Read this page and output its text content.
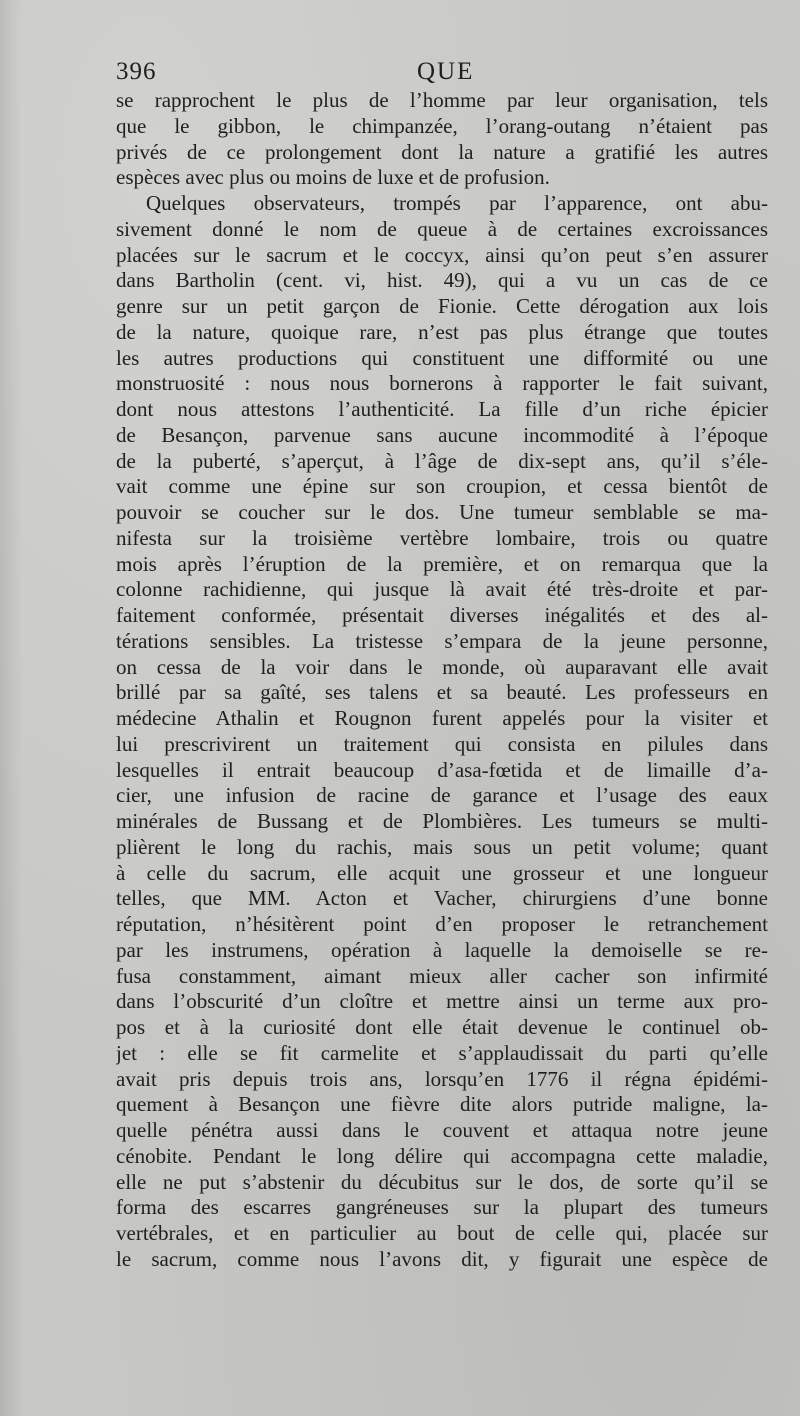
396	QUE
se rapprochent le plus de l’homme par leur organisation, tels
que le gibbon, le chimpanzée, l’orang-outang n’étaient pas
privés de ce prolongement dont la nature a gratifié les autres
espèces avec plus ou moins de luxe et de profusion.
Quelques observateurs, trompés par l’apparence, ont abu-
sivement donné le nom de queue à de certaines excroissances
placées sur le sacrum et le coccyx, ainsi qu’on peut s’en assurer
dans Bartholin (cent. vi, hist. 49), qui a vu un cas de ce
genre sur un petit garçon de Fionie. Cette dérogation aux lois
de la nature, quoique rare, n’est pas plus étrange que toutes
les autres productions qui constituent une difformité ou une
monstruosité : nous nous bornerons à rapporter le fait suivant,
dont nous attestons l’authenticité. La fille d’un riche épicier
de Besançon, parvenue sans aucune incommodité à l’époque
de la puberté, s’aperçut, à l’âge de dix-sept ans, qu’il s’éle-
vait comme une épine sur son croupion, et cessa bientôt de
pouvoir se coucher sur le dos. Une tumeur semblable se ma-
nifesta sur la troisième vertèbre lombaire, trois ou quatre
mois après l’éruption de la première, et on remarqua que la
colonne rachidienne, qui jusque là avait été très-droite et par-
faitement conformée, présentait diverses inégalités et des al-
térations sensibles. La tristesse s’empara de la jeune personne,
on cessa de la voir dans le monde, où auparavant elle avait
brillé par sa gaîté, ses talens et sa beauté. Les professeurs en
médecine Athalin et Rougnon furent appelés pour la visiter et
lui prescrivirent un traitement qui consista en pilules dans
lesquelles il entrait beaucoup d’asa-fœtida et de limaille d’a-
cier, une infusion de racine de garance et l’usage des eaux
minérales de Bussang et de Plombières. Les tumeurs se multi-
plièrent le long du rachis, mais sous un petit volume; quant
à celle du sacrum, elle acquit une grosseur et une longueur
telles, que MM. Acton et Vacher, chirurgiens d’une bonne
réputation, n’hésitèrent point d’en proposer le retranchement
par les instrumens, opération à laquelle la demoiselle se re-
fusa constamment, aimant mieux aller cacher son infirmité
dans l’obscurité d’un cloître et mettre ainsi un terme aux pro-
pos et à la curiosité dont elle était devenue le continuel ob-
jet : elle se fit carmelite et s’applaudissait du parti qu’elle
avait pris depuis trois ans, lorsqu’en 1776 il régna épidémi-
quement à Besançon une fièvre dite alors putride maligne, la-
quelle pénétra aussi dans le couvent et attaqua notre jeune
cénobite. Pendant le long délire qui accompagna cette maladie,
elle ne put s’abstenir du décubitus sur le dos, de sorte qu’il se
forma des escarres gangréneuses sur la plupart des tumeurs
vertébrales, et en particulier au bout de celle qui, placée sur
le sacrum, comme nous l’avons dit, y figurait une espèce de
